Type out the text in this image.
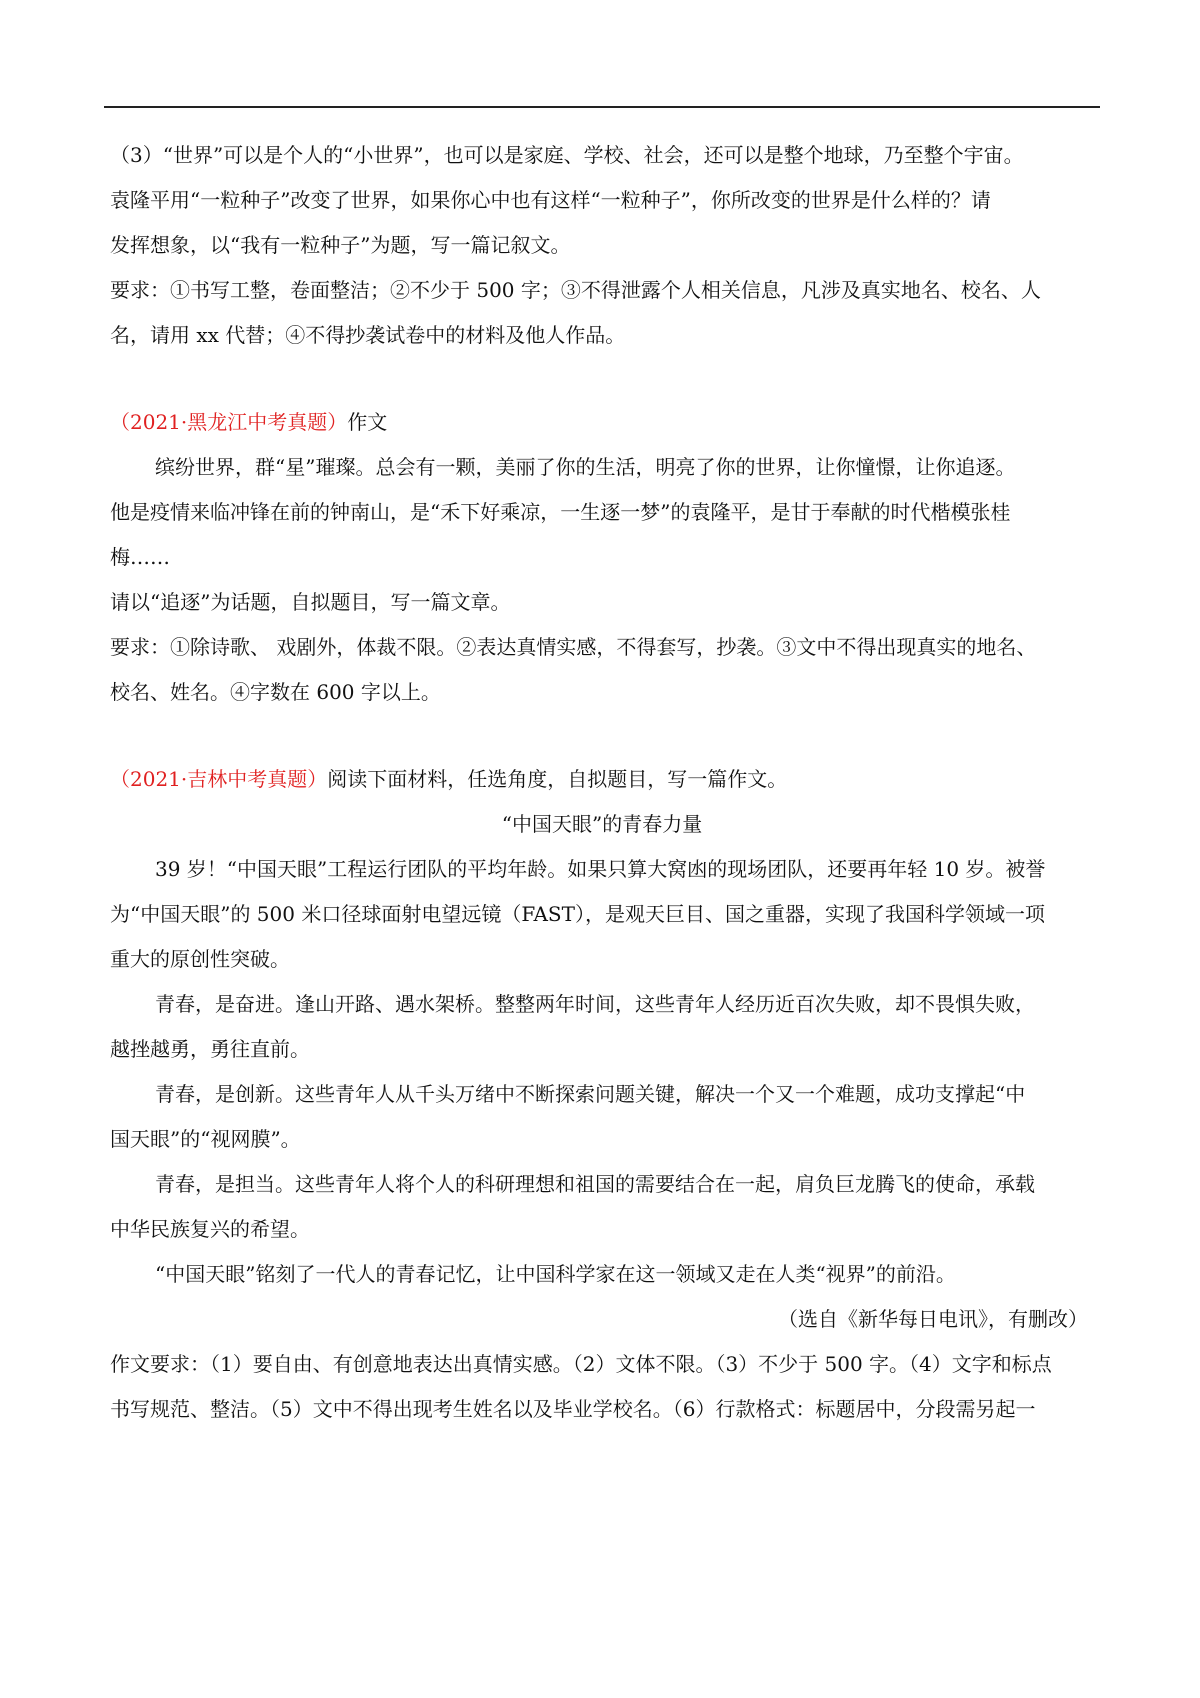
（3）“世界”可以是个人的“小世界”，也可以是家庭、学校、社会，还可以是整个地球，乃至整个宇宙。
袁隆平用“一粒种子”改变了世界，如果你心中也有这样“一粒种子”，你所改变的世界是什么样的？请
发挥想象，以“我有一粒种子”为题，写一篇记叙文。
要求：①书写工整，卷面整洁；②不少于 500 字；③不得泄露个人相关信息，凡涉及真实地名、校名、人
名，请用 xx 代替；④不得抄袭试卷中的材料及他人作品。
（2021·黑龙江中考真题）作文
缤纷世界，群“星”璀璨。总会有一颗，美丽了你的生活，明亮了你的世界，让你憧憬，让你追逐。
他是疫情来临冲锋在前的钟南山，是“禾下好乘凉，一生逐一梦”的袁隆平，是甘于奉献的时代楷模张桂
梅……
请以“追逐”为话题，自拟题目，写一篇文章。
要求：①除诗歌、 戏剧外，体裁不限。②表达真情实感，不得套写，抄袭。③文中不得出现真实的地名、
校名、姓名。④字数在 600 字以上。
（2021·吉林中考真题）阅读下面材料，任选角度，自拟题目，写一篇作文。
“中国天眼”的青春力量
39 岁！“中国天眼”工程运行团队的平均年龄。如果只算大窝凼的现场团队，还要再年轻 10 岁。被誉
为“中国天眼”的 500 米口径球面射电望远镜（FAST），是观天巨目、国之重器，实现了我国科学领域一项
重大的原创性突破。
青春，是奋进。逢山开路、遇水架桥。整整两年时间，这些青年人经历近百次失败，却不畏惧失败，
越挫越勇，勇往直前。
青春，是创新。这些青年人从千头万绪中不断探索问题关键，解决一个又一个难题，成功支撑起“中
国天眼”的“视网膜”。
青春，是担当。这些青年人将个人的科研理想和祖国的需要结合在一起，肩负巨龙腾飞的使命，承载
中华民族复兴的希望。
“中国天眼”铭刻了一代人的青春记忆，让中国科学家在这一领域又走在人类“视界”的前沿。
（选自《新华每日电讯》，有删改）
作文要求：（1）要自由、有创意地表达出真情实感。（2）文体不限。（3）不少于 500 字。（4）文字和标点
书写规范、整洁。（5）文中不得出现考生姓名以及毕业学校名。（6）行款格式：标题居中，分段需另起一
